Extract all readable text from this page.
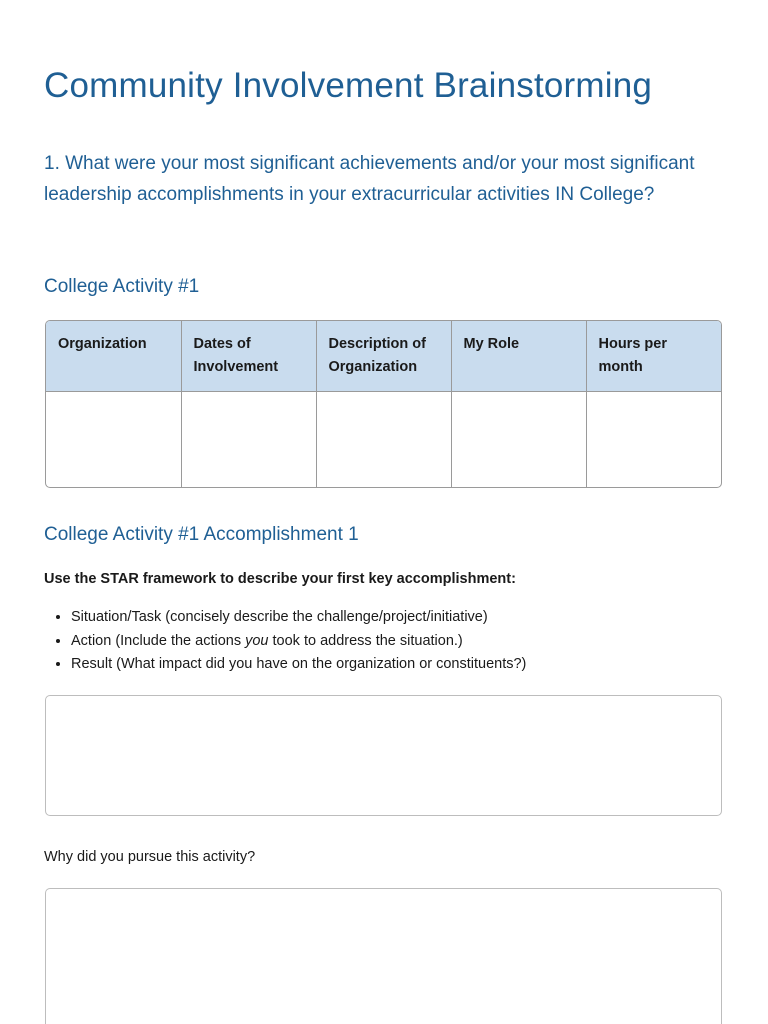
Community Involvement Brainstorming
1. What were your most significant achievements and/or your most significant leadership accomplishments in your extracurricular activities IN College?
College Activity #1
Organization	Dates of Involvement	Description of Organization	My Role	Hours per month

College Activity #1 Accomplishment 1
Use the STAR framework to describe your first key accomplishment:
• Situation/Task (concisely describe the challenge/project/initiative)
• Action (Include the actions you took to address the situation.)
• Result (What impact did you have on the organization or constituents?)
Why did you pursue this activity?
